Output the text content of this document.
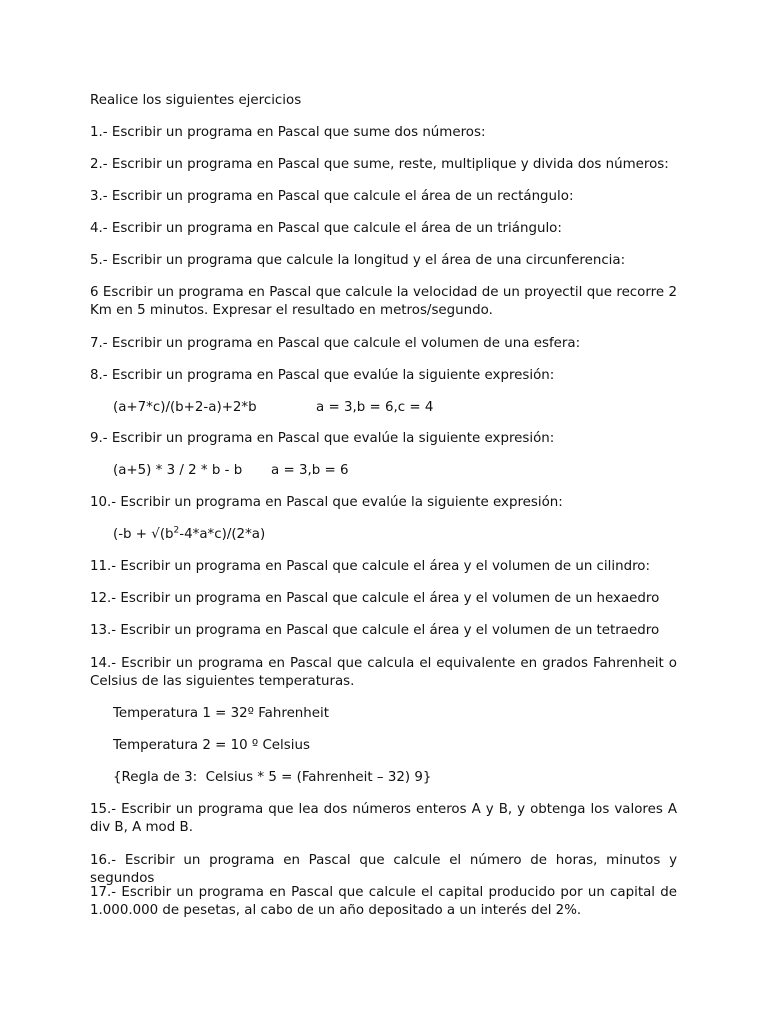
Realice los siguientes ejercicios

1.- Escribir un programa en Pascal que sume dos números:

2.- Escribir un programa en Pascal que sume, reste, multiplique y divida dos números:

3.- Escribir un programa en Pascal que calcule el área de un rectángulo:

4.- Escribir un programa en Pascal que calcule el área de un triángulo:

5.- Escribir un programa que calcule la longitud y el área de una circunferencia:

6 Escribir un programa en Pascal que calcule la velocidad de un proyectil que recorre 2 Km en 5 minutos. Expresar el resultado en metros/segundo.

7.- Escribir un programa en Pascal que calcule el volumen de una esfera:

8.- Escribir un programa en Pascal que evalúe la siguiente expresión:

(a+7*c)/(b+2-a)+2*b	a = 3,b = 6,c = 4

9.- Escribir un programa en Pascal que evalúe la siguiente expresión:

(a+5) * 3 / 2 * b - b a = 3,b = 6

10.- Escribir un programa en Pascal que evalúe la siguiente expresión:

($-b + √(b^2-4*a*c)/(2*a)$

11.- Escribir un programa en Pascal que calcule el área y el volumen de un cilindro:

12.- Escribir un programa en Pascal que calcule el área y el volumen de un hexaedro

13.- Escribir un programa en Pascal que calcule el área y el volumen de un tetraedro

14.- Escribir un programa en Pascal que calcula el equivalente en grados Fahrenheit o Celsius de las siguientes temperaturas.

Temperatura 1 = 32º Fahrenheit

Temperatura 2 = 10 º Celsius

{Regla de 3:  Celsius * 5 = (Fahrenheit – 32) 9}

15.- Escribir un programa que lea dos números enteros A y B, y obtenga los valores A div B, A mod B.

16.- Escribir un programa en Pascal que calcule el número de horas, minutos y segundos

17.- Escribir un programa en Pascal que calcule el capital producido por un capital de 1.000.000 de pesetas, al cabo de un año depositado a un interés del 2%.
